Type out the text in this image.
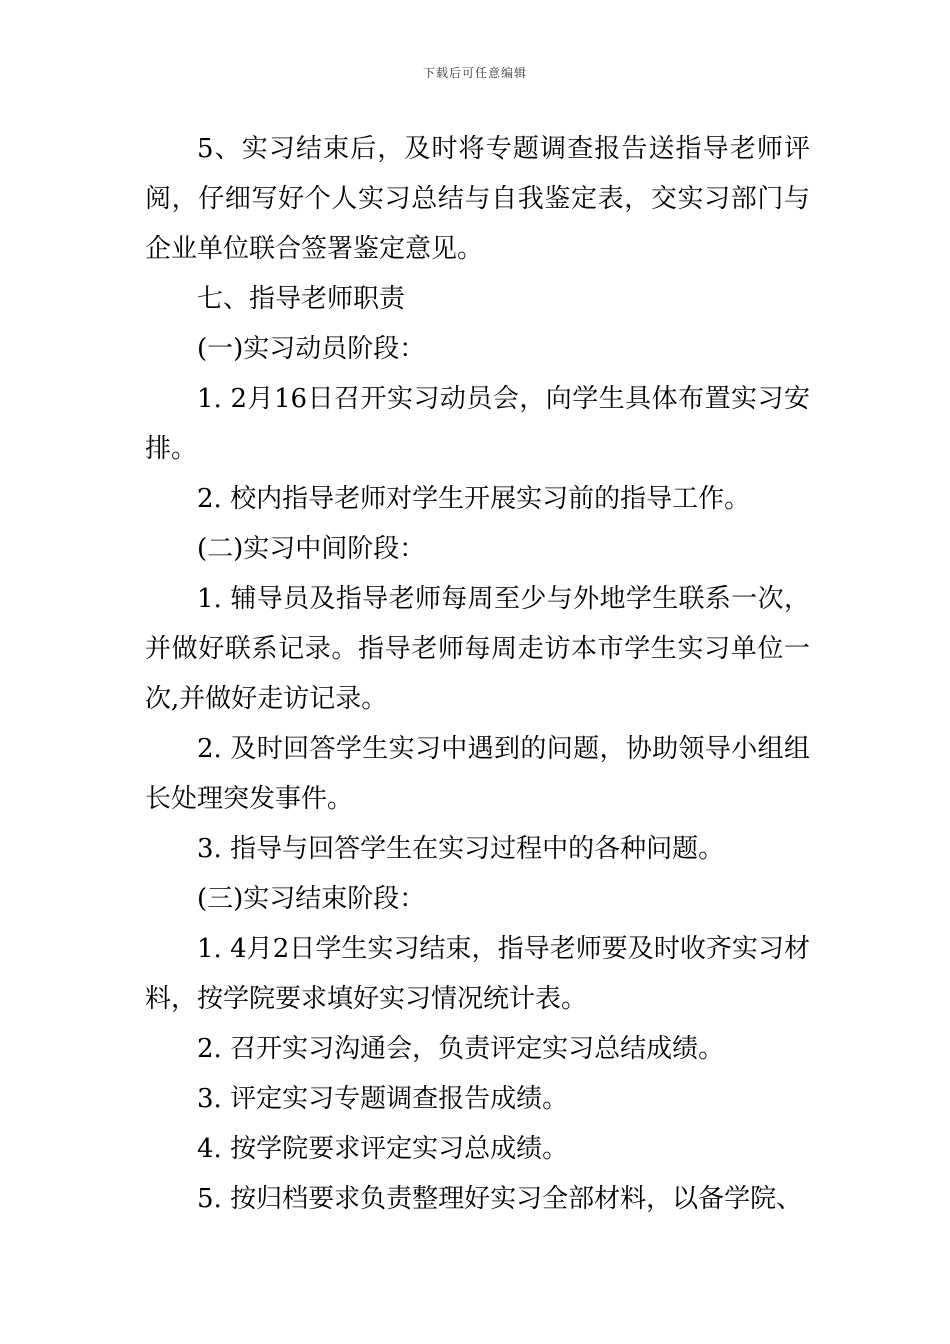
下载后可任意编辑

5、实习结束后，及时将专题调查报告送指导老师评阅，仔细写好个人实习总结与自我鉴定表，交实习部门与企业单位联合签署鉴定意见。

七、指导老师职责

(一)实习动员阶段：

1. 2月16日召开实习动员会，向学生具体布置实习安排。

2. 校内指导老师对学生开展实习前的指导工作。

(二)实习中间阶段：

1. 辅导员及指导老师每周至少与外地学生联系一次，并做好联系记录。指导老师每周走访本市学生实习单位一次,并做好走访记录。

2. 及时回答学生实习中遇到的问题，协助领导小组组长处理突发事件。

3. 指导与回答学生在实习过程中的各种问题。

(三)实习结束阶段：

1. 4月2日学生实习结束，指导老师要及时收齐实习材料，按学院要求填好实习情况统计表。

2. 召开实习沟通会，负责评定实习总结成绩。

3. 评定实习专题调查报告成绩。

4. 按学院要求评定实习总成绩。

5. 按归档要求负责整理好实习全部材料，以备学院、
